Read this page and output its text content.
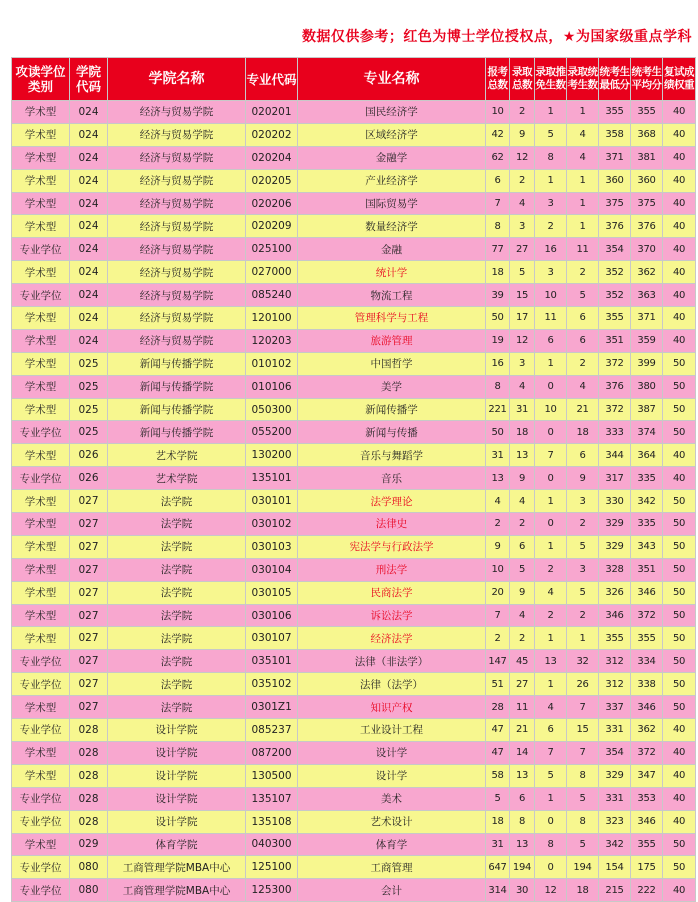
数据仅供参考；红色为博士学位授权点，★为国家级重点学科
攻读学位类别	学院代码	学院名称	专业代码	专业名称	报考总数	录取总数	录取推免生数	录取统考生数	统考生最低分	统考生平均分	复试成绩权重
学术型	024	经济与贸易学院	020201	国民经济学	10	2	1	1	355	355	40
学术型	024	经济与贸易学院	020202	区域经济学	42	9	5	4	358	368	40
学术型	024	经济与贸易学院	020204	金融学	62	12	8	4	371	381	40
学术型	024	经济与贸易学院	020205	产业经济学	6	2	1	1	360	360	40
学术型	024	经济与贸易学院	020206	国际贸易学	7	4	3	1	375	375	40
学术型	024	经济与贸易学院	020209	数量经济学	8	3	2	1	376	376	40
专业学位	024	经济与贸易学院	025100	金融	77	27	16	11	354	370	40
学术型	024	经济与贸易学院	027000	统计学	18	5	3	2	352	362	40
专业学位	024	经济与贸易学院	085240	物流工程	39	15	10	5	352	363	40
学术型	024	经济与贸易学院	120100	管理科学与工程	50	17	11	6	355	371	40
学术型	024	经济与贸易学院	120203	旅游管理	19	12	6	6	351	359	40
学术型	025	新闻与传播学院	010102	中国哲学	16	3	1	2	372	399	50
学术型	025	新闻与传播学院	010106	美学	8	4	0	4	376	380	50
学术型	025	新闻与传播学院	050300	新闻传播学	221	31	10	21	372	387	50
专业学位	025	新闻与传播学院	055200	新闻与传播	50	18	0	18	333	374	50
学术型	026	艺术学院	130200	音乐与舞蹈学	31	13	7	6	344	364	40
专业学位	026	艺术学院	135101	音乐	13	9	0	9	317	335	40
学术型	027	法学院	030101	法学理论	4	4	1	3	330	342	50
学术型	027	法学院	030102	法律史	2	2	0	2	329	335	50
学术型	027	法学院	030103	宪法学与行政法学	9	6	1	5	329	343	50
学术型	027	法学院	030104	刑法学	10	5	2	3	328	351	50
学术型	027	法学院	030105	民商法学	20	9	4	5	326	346	50
学术型	027	法学院	030106	诉讼法学	7	4	2	2	346	372	50
学术型	027	法学院	030107	经济法学	2	2	1	1	355	355	50
专业学位	027	法学院	035101	法律（非法学）	147	45	13	32	312	334	50
专业学位	027	法学院	035102	法律（法学）	51	27	1	26	312	338	50
学术型	027	法学院	0301Z1	知识产权	28	11	4	7	337	346	50
专业学位	028	设计学院	085237	工业设计工程	47	21	6	15	331	362	40
学术型	028	设计学院	087200	设计学	47	14	7	7	354	372	40
学术型	028	设计学院	130500	设计学	58	13	5	8	329	347	40
专业学位	028	设计学院	135107	美术	5	6	1	5	331	353	40
专业学位	028	设计学院	135108	艺术设计	18	8	0	8	323	346	40
学术型	029	体育学院	040300	体育学	31	13	8	5	342	355	50
专业学位	080	工商管理学院MBA中心	125100	工商管理	647	194	0	194	154	175	50
专业学位	080	工商管理学院MBA中心	125300	会计	314	30	12	18	215	222	40
